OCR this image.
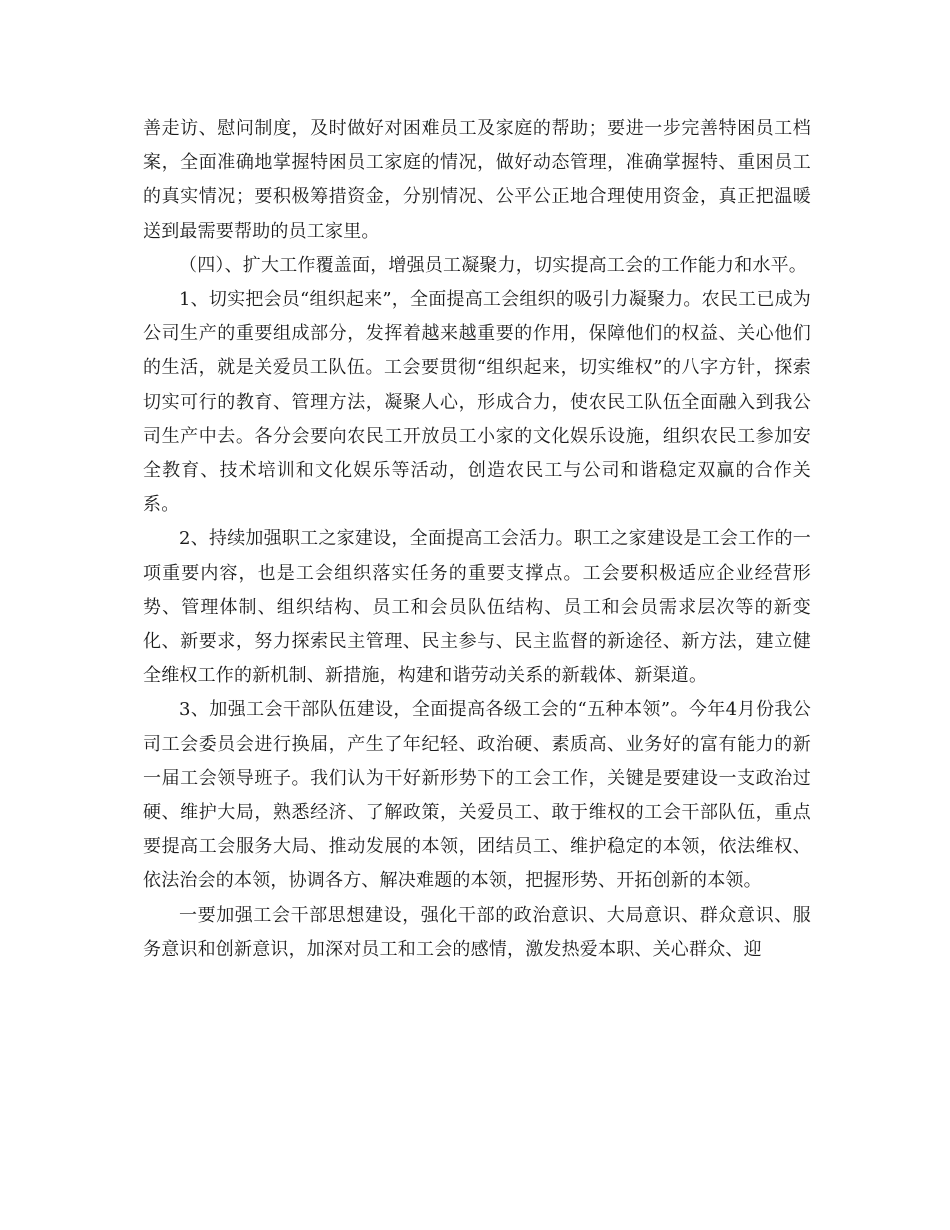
善走访、慰问制度，及时做好对困难员工及家庭的帮助；要进一步完善特困员工档案，全面准确地掌握特困员工家庭的情况，做好动态管理，准确掌握特、重困员工的真实情况；要积极筹措资金，分别情况、公平公正地合理使用资金，真正把温暖送到最需要帮助的员工家里。

（四）、扩大工作覆盖面，增强员工凝聚力，切实提高工会的工作能力和水平。

1、切实把会员“组织起来”，全面提高工会组织的吸引力凝聚力。农民工已成为公司生产的重要组成部分，发挥着越来越重要的作用，保障他们的权益、关心他们的生活，就是关爱员工队伍。工会要贯彻“组织起来，切实维权”的八字方针，探索切实可行的教育、管理方法，凝聚人心，形成合力，使农民工队伍全面融入到我公司生产中去。各分会要向农民工开放员工小家的文化娱乐设施，组织农民工参加安全教育、技术培训和文化娱乐等活动，创造农民工与公司和谐稳定双赢的合作关系。

2、持续加强职工之家建设，全面提高工会活力。职工之家建设是工会工作的一项重要内容，也是工会组织落实任务的重要支撑点。工会要积极适应企业经营形势、管理体制、组织结构、员工和会员队伍结构、员工和会员需求层次等的新变化、新要求，努力探索民主管理、民主参与、民主监督的新途径、新方法，建立健全维权工作的新机制、新措施，构建和谐劳动关系的新载体、新渠道。

3、加强工会干部队伍建设，全面提高各级工会的“五种本领”。今年4月份我公司工会委员会进行换届，产生了年纪轻、政治硬、素质高、业务好的富有能力的新一届工会领导班子。我们认为干好新形势下的工会工作，关键是要建设一支政治过硬、维护大局，熟悉经济、了解政策，关爱员工、敢于维权的工会干部队伍，重点要提高工会服务大局、推动发展的本领，团结员工、维护稳定的本领，依法维权、依法治会的本领，协调各方、解决难题的本领，把握形势、开拓创新的本领。

一要加强工会干部思想建设，强化干部的政治意识、大局意识、群众意识、服务意识和创新意识，加深对员工和工会的感情，激发热爱本职、关心群众、迎
